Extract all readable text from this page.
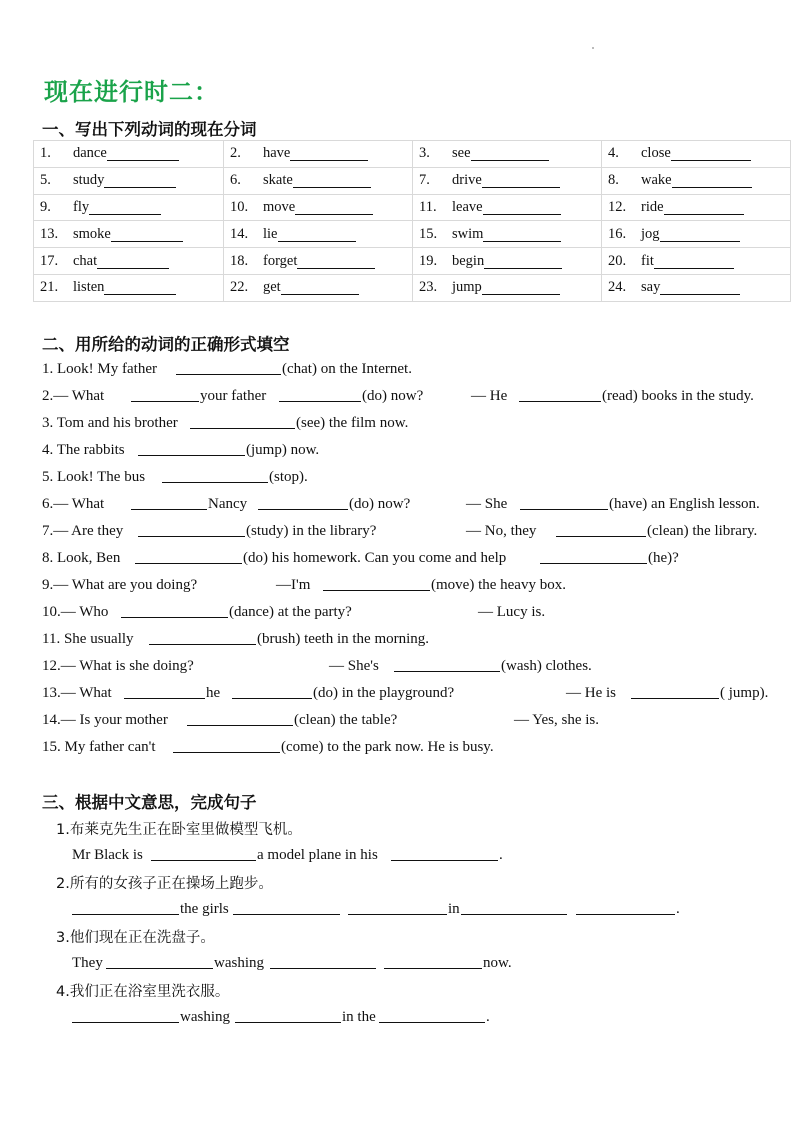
现在进行时二：
一、写出下列动词的现在分词
1. dance	2. have	3. see	4. close

5. study	6. skate	7. drive	8. wake

9. fly	10. move	11. leave	12. ride

13. smoke	14. lie	15. swim	16. jog

17. chat	18. forget	19. begin	20. fit

21. listen	22. get	23. jump	24. say
二、用所给的动词的正确形式填空
1. Look! My father	(chat) on the Internet.
2.— What	your father	(do) now?	— He	(read) books in the study.
3. Tom and his brother	(see) the film now.
4. The rabbits	(jump) now.
5. Look! The bus	(stop).
6.— What	Nancy	(do) now?	— She	(have) an English lesson.
7.— Are they	(study) in the library?	— No, they	(clean) the library.
8. Look, Ben	(do) his homework. Can you come and help	(he)?
9.— What are you doing?	—I'm	(move) the heavy box.
10.— Who	(dance) at the party?	— Lucy is.
11. She usually	(brush) teeth in the morning.
12.— What is she doing?	— She's	(wash) clothes.
13.— What	he	(do) in the playground?	— He is	( jump).
14.— Is your mother	(clean) the table?	— Yes, she is.
15. My father can't	(come) to the park now. He is busy.
三、根据中文意思，完成句子
1.布莱克先生正在卧室里做模型飞机。
Mr Black is	a model plane in his	.
2.所有的女孩子正在操场上跑步。
the girls	in	.
3.他们现在正在洗盘子。
They	washing	now.
4.我们正在浴室里洗衣服。
washing	in the	.
